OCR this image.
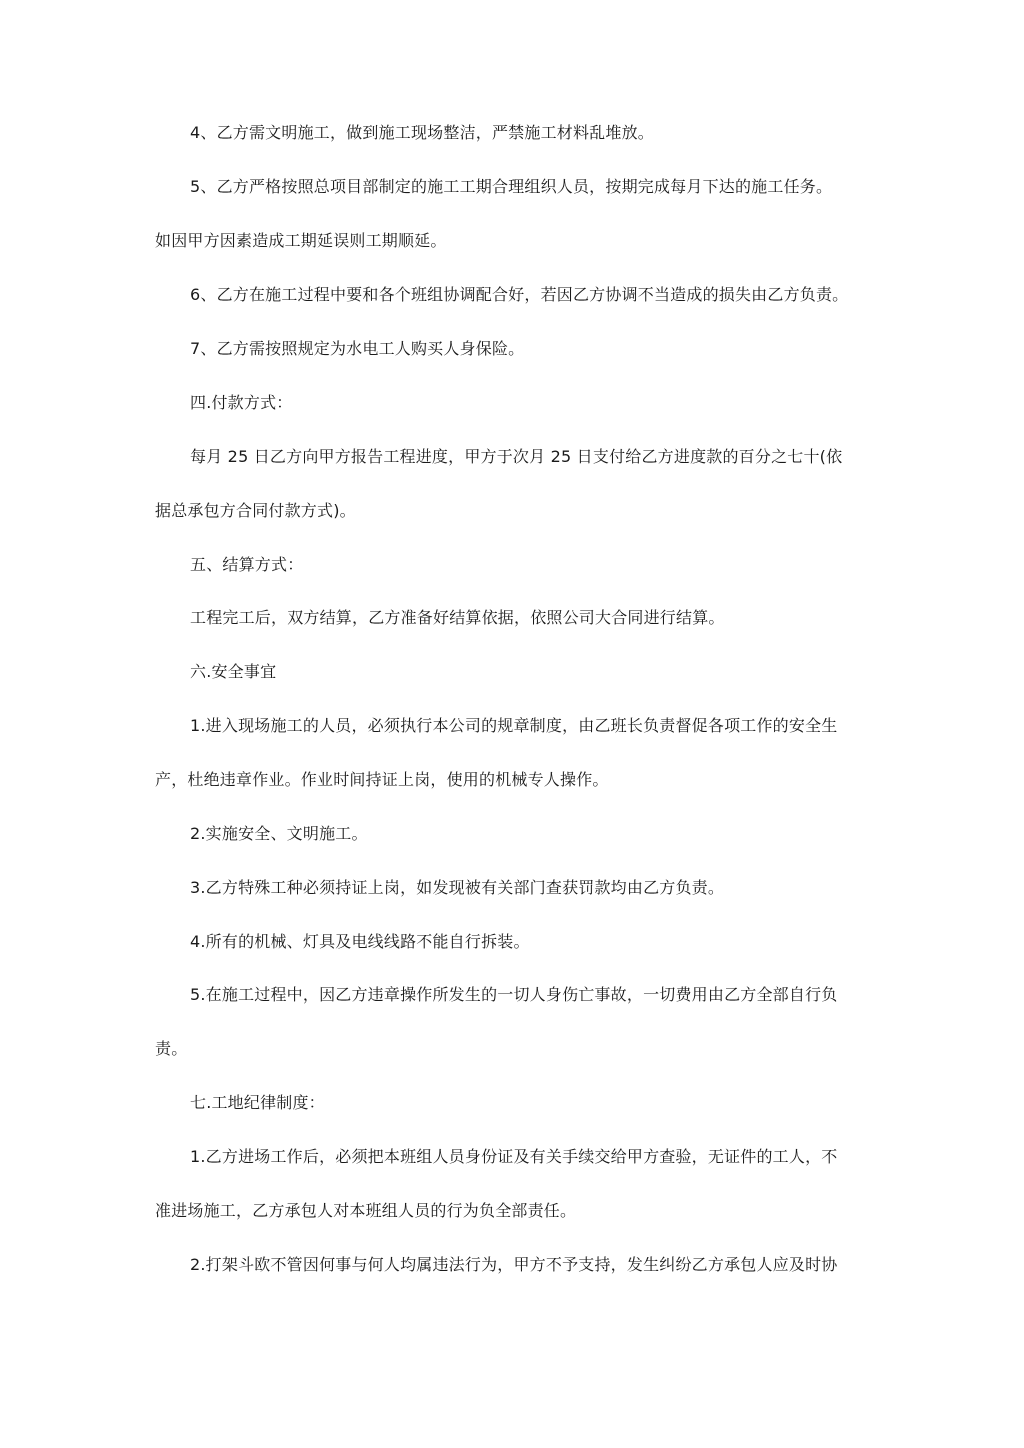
4、乙方需文明施工，做到施工现场整洁，严禁施工材料乱堆放。
5、乙方严格按照总项目部制定的施工工期合理组织人员，按期完成每月下达的施工任务。
如因甲方因素造成工期延误则工期顺延。
6、乙方在施工过程中要和各个班组协调配合好，若因乙方协调不当造成的损失由乙方负责。
7、乙方需按照规定为水电工人购买人身保险。
四.付款方式：
每月 25 日乙方向甲方报告工程进度，甲方于次月 25 日支付给乙方进度款的百分之七十(依
据总承包方合同付款方式)。
五、结算方式：
工程完工后，双方结算，乙方准备好结算依据，依照公司大合同进行结算。
六.安全事宜
1.进入现场施工的人员，必须执行本公司的规章制度，由乙班长负责督促各项工作的安全生
产，杜绝违章作业。作业时间持证上岗，使用的机械专人操作。
2.实施安全、文明施工。
3.乙方特殊工种必须持证上岗，如发现被有关部门查获罚款均由乙方负责。
4.所有的机械、灯具及电线线路不能自行拆装。
5.在施工过程中，因乙方违章操作所发生的一切人身伤亡事故，一切费用由乙方全部自行负
责。
七.工地纪律制度：
1.乙方进场工作后，必须把本班组人员身份证及有关手续交给甲方查验，无证件的工人，不
准进场施工，乙方承包人对本班组人员的行为负全部责任。
2.打架斗欧不管因何事与何人均属违法行为，甲方不予支持，发生纠纷乙方承包人应及时协
